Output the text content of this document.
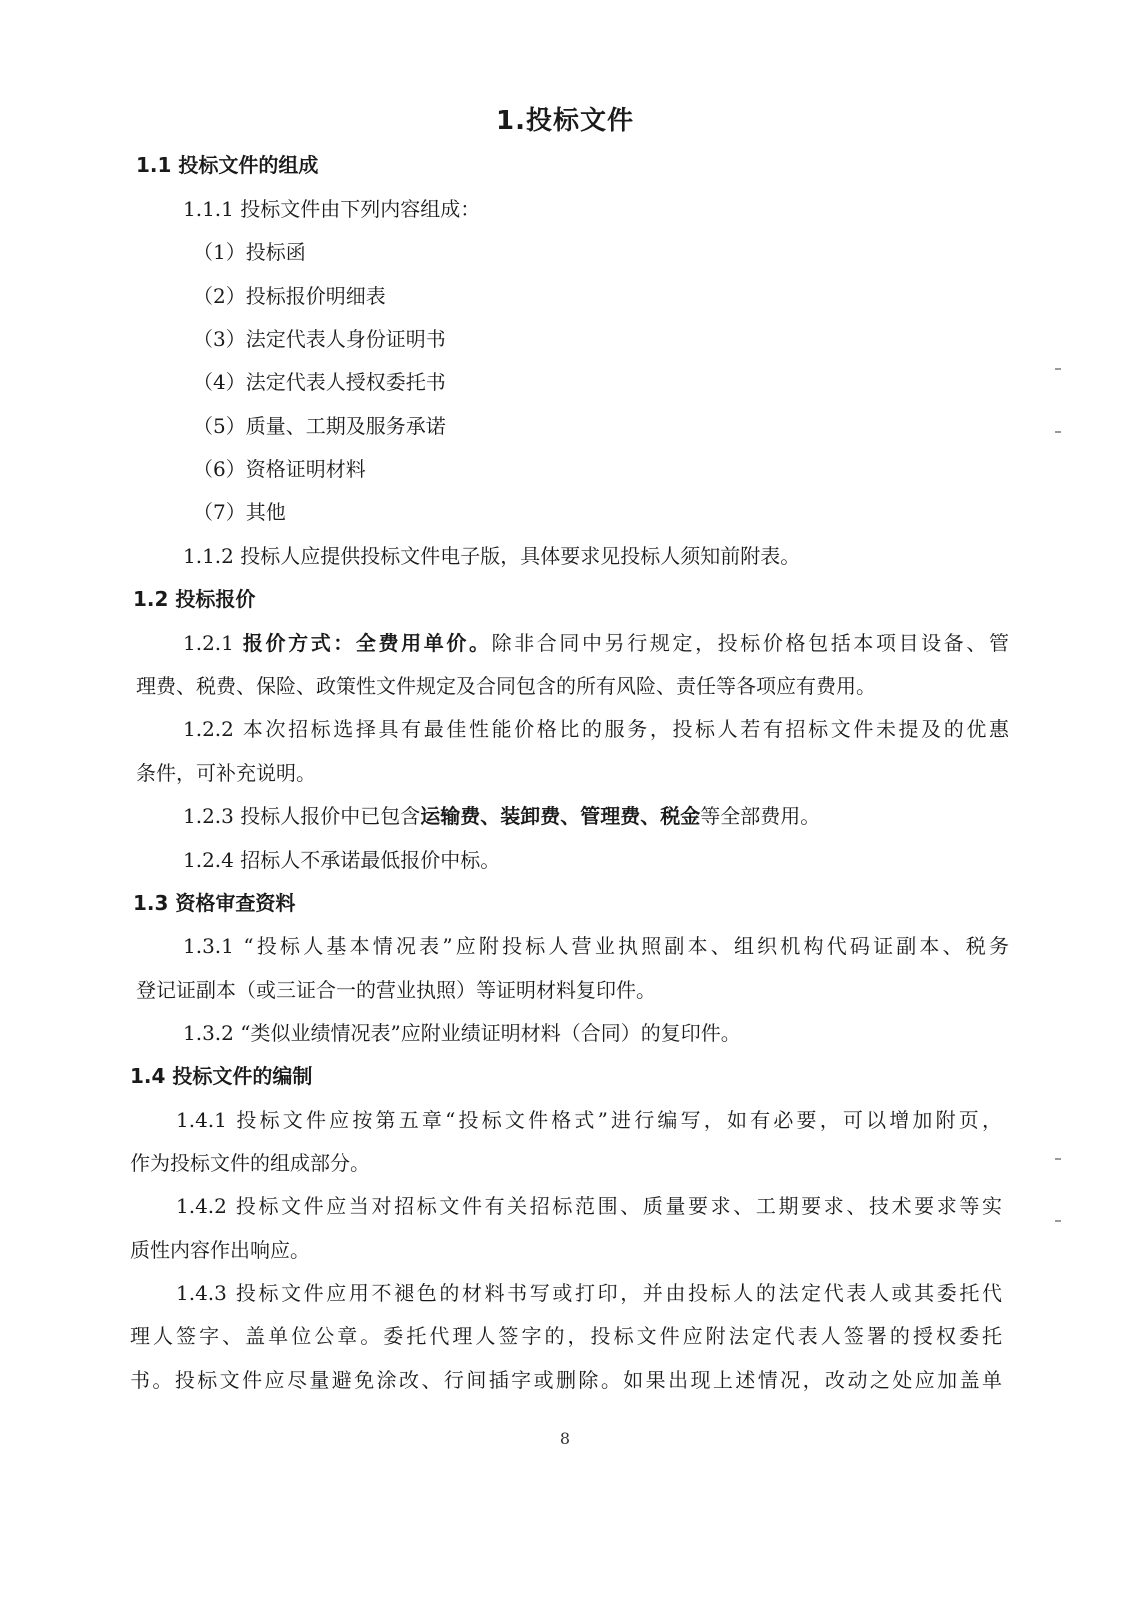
1.投标文件
1.1 投标文件的组成
1.1.1 投标文件由下列内容组成：
（1）投标函
（2）投标报价明细表
（3）法定代表人身份证明书
（4）法定代表人授权委托书
（5）质量、工期及服务承诺
（6）资格证明材料
（7）其他
1.1.2 投标人应提供投标文件电子版，具体要求见投标人须知前附表。
1.2 投标报价
1.2.1 报价方式：全费用单价。除非合同中另行规定，投标价格包括本项目设备、管
理费、税费、保险、政策性文件规定及合同包含的所有风险、责任等各项应有费用。
1.2.2 本次招标选择具有最佳性能价格比的服务，投标人若有招标文件未提及的优惠
条件，可补充说明。
1.2.3 投标人报价中已包含运输费、装卸费、管理费、税金等全部费用。
1.2.4 招标人不承诺最低报价中标。
1.3 资格审查资料
1.3.1 “投标人基本情况表”应附投标人营业执照副本、组织机构代码证副本、税务
登记证副本（或三证合一的营业执照）等证明材料复印件。
1.3.2 “类似业绩情况表”应附业绩证明材料（合同）的复印件。
1.4 投标文件的编制
1.4.1 投标文件应按第五章“投标文件格式”进行编写，如有必要，可以增加附页，
作为投标文件的组成部分。
1.4.2 投标文件应当对招标文件有关招标范围、质量要求、工期要求、技术要求等实
质性内容作出响应。
1.4.3 投标文件应用不褪色的材料书写或打印，并由投标人的法定代表人或其委托代
理人签字、盖单位公章。委托代理人签字的，投标文件应附法定代表人签署的授权委托
书。投标文件应尽量避免涂改、行间插字或删除。如果出现上述情况，改动之处应加盖单
8
